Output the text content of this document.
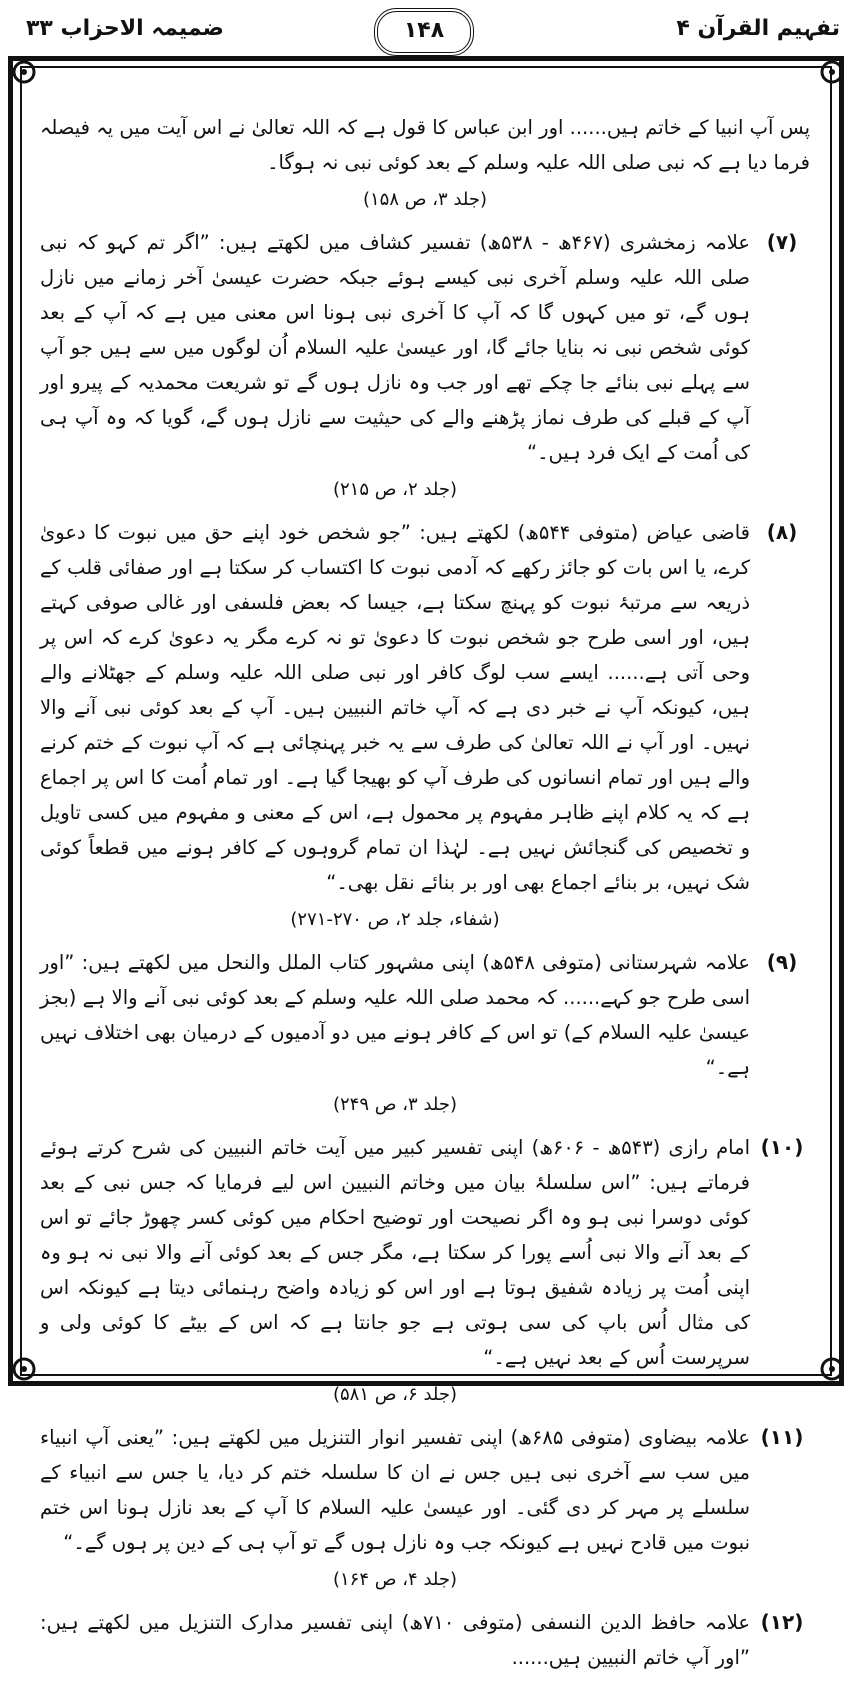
تفہیم القرآن ۴
۱۴۸
ضمیمہ الاحزاب ۳۳
پس آپ انبیا کے خاتم ہیں...... اور ابن عباس کا قول ہے کہ اللہ تعالیٰ نے اس آیت میں یہ فیصلہ فرما دیا ہے کہ نبی صلی اللہ علیہ وسلم کے بعد کوئی نبی نہ ہوگا۔
(جلد ۳، ص ۱۵۸)
(۷)
علامہ زمخشری (۴۶۷ھ - ۵۳۸ھ) تفسیر کشاف میں لکھتے ہیں: ”اگر تم کہو کہ نبی صلی اللہ علیہ وسلم آخری نبی کیسے ہوئے جبکہ حضرت عیسیٰ آخر زمانے میں نازل ہوں گے، تو میں کہوں گا کہ آپ کا آخری نبی ہونا اس معنی میں ہے کہ آپ کے بعد کوئی شخص نبی نہ بنایا جائے گا، اور عیسیٰ علیہ السلام اُن لوگوں میں سے ہیں جو آپ سے پہلے نبی بنائے جا چکے تھے اور جب وہ نازل ہوں گے تو شریعت محمدیہ کے پیرو اور آپ کے قبلے کی طرف نماز پڑھنے والے کی حیثیت سے نازل ہوں گے، گویا کہ وہ آپ ہی کی اُمت کے ایک فرد ہیں۔“
(جلد ۲، ص ۲۱۵)
(۸)
قاضی عیاض (متوفی ۵۴۴ھ) لکھتے ہیں: ”جو شخص خود اپنے حق میں نبوت کا دعویٰ کرے، یا اس بات کو جائز رکھے کہ آدمی نبوت کا اکتساب کر سکتا ہے اور صفائی قلب کے ذریعہ سے مرتبۂ نبوت کو پہنچ سکتا ہے، جیسا کہ بعض فلسفی اور غالی صوفی کہتے ہیں، اور اسی طرح جو شخص نبوت کا دعویٰ تو نہ کرے مگر یہ دعویٰ کرے کہ اس پر وحی آتی ہے...... ایسے سب لوگ کافر اور نبی صلی اللہ علیہ وسلم کے جھٹلانے والے ہیں، کیونکہ آپ نے خبر دی ہے کہ آپ خاتم النبیین ہیں۔ آپ کے بعد کوئی نبی آنے والا نہیں۔ اور آپ نے اللہ تعالیٰ کی طرف سے یہ خبر پہنچائی ہے کہ آپ نبوت کے ختم کرنے والے ہیں اور تمام انسانوں کی طرف آپ کو بھیجا گیا ہے۔ اور تمام اُمت کا اس پر اجماع ہے کہ یہ کلام اپنے ظاہر مفہوم پر محمول ہے، اس کے معنی و مفہوم میں کسی تاویل و تخصیص کی گنجائش نہیں ہے۔ لہٰذا ان تمام گروہوں کے کافر ہونے میں قطعاً کوئی شک نہیں، بر بنائے اجماع بھی اور بر بنائے نقل بھی۔“
(شفاء، جلد ۲، ص ۲۷۰-۲۷۱)
(۹)
علامہ شہرستانی (متوفی ۵۴۸ھ) اپنی مشہور کتاب الملل والنحل میں لکھتے ہیں: ”اور اسی طرح جو کہے...... کہ محمد صلی اللہ علیہ وسلم کے بعد کوئی نبی آنے والا ہے (بجز عیسیٰ علیہ السلام کے) تو اس کے کافر ہونے میں دو آدمیوں کے درمیان بھی اختلاف نہیں ہے۔“
(جلد ۳، ص ۲۴۹)
(۱۰)
امام رازی (۵۴۳ھ - ۶۰۶ھ) اپنی تفسیر کبیر میں آیت خاتم النبیین کی شرح کرتے ہوئے فرماتے ہیں: ”اس سلسلۂ بیان میں وخاتم النبیین اس لیے فرمایا کہ جس نبی کے بعد کوئی دوسرا نبی ہو وہ اگر نصیحت اور توضیح احکام میں کوئی کسر چھوڑ جائے تو اس کے بعد آنے والا نبی اُسے پورا کر سکتا ہے، مگر جس کے بعد کوئی آنے والا نبی نہ ہو وہ اپنی اُمت پر زیادہ شفیق ہوتا ہے اور اس کو زیادہ واضح رہنمائی دیتا ہے کیونکہ اس کی مثال اُس باپ کی سی ہوتی ہے جو جانتا ہے کہ اس کے بیٹے کا کوئی ولی و سرپرست اُس کے بعد نہیں ہے۔“
(جلد ۶، ص ۵۸۱)
(۱۱)
علامہ بیضاوی (متوفی ۶۸۵ھ) اپنی تفسیر انوار التنزیل میں لکھتے ہیں: ”یعنی آپ انبیاء میں سب سے آخری نبی ہیں جس نے ان کا سلسلہ ختم کر دیا، یا جس سے انبیاء کے سلسلے پر مہر کر دی گئی۔ اور عیسیٰ علیہ السلام کا آپ کے بعد نازل ہونا اس ختم نبوت میں قادح نہیں ہے کیونکہ جب وہ نازل ہوں گے تو آپ ہی کے دین پر ہوں گے۔“
(جلد ۴، ص ۱۶۴)
(۱۲)
علامہ حافظ الدین النسفی (متوفی ۷۱۰ھ) اپنی تفسیر مدارک التنزیل میں لکھتے ہیں: ”اور آپ خاتم النبیین ہیں......
